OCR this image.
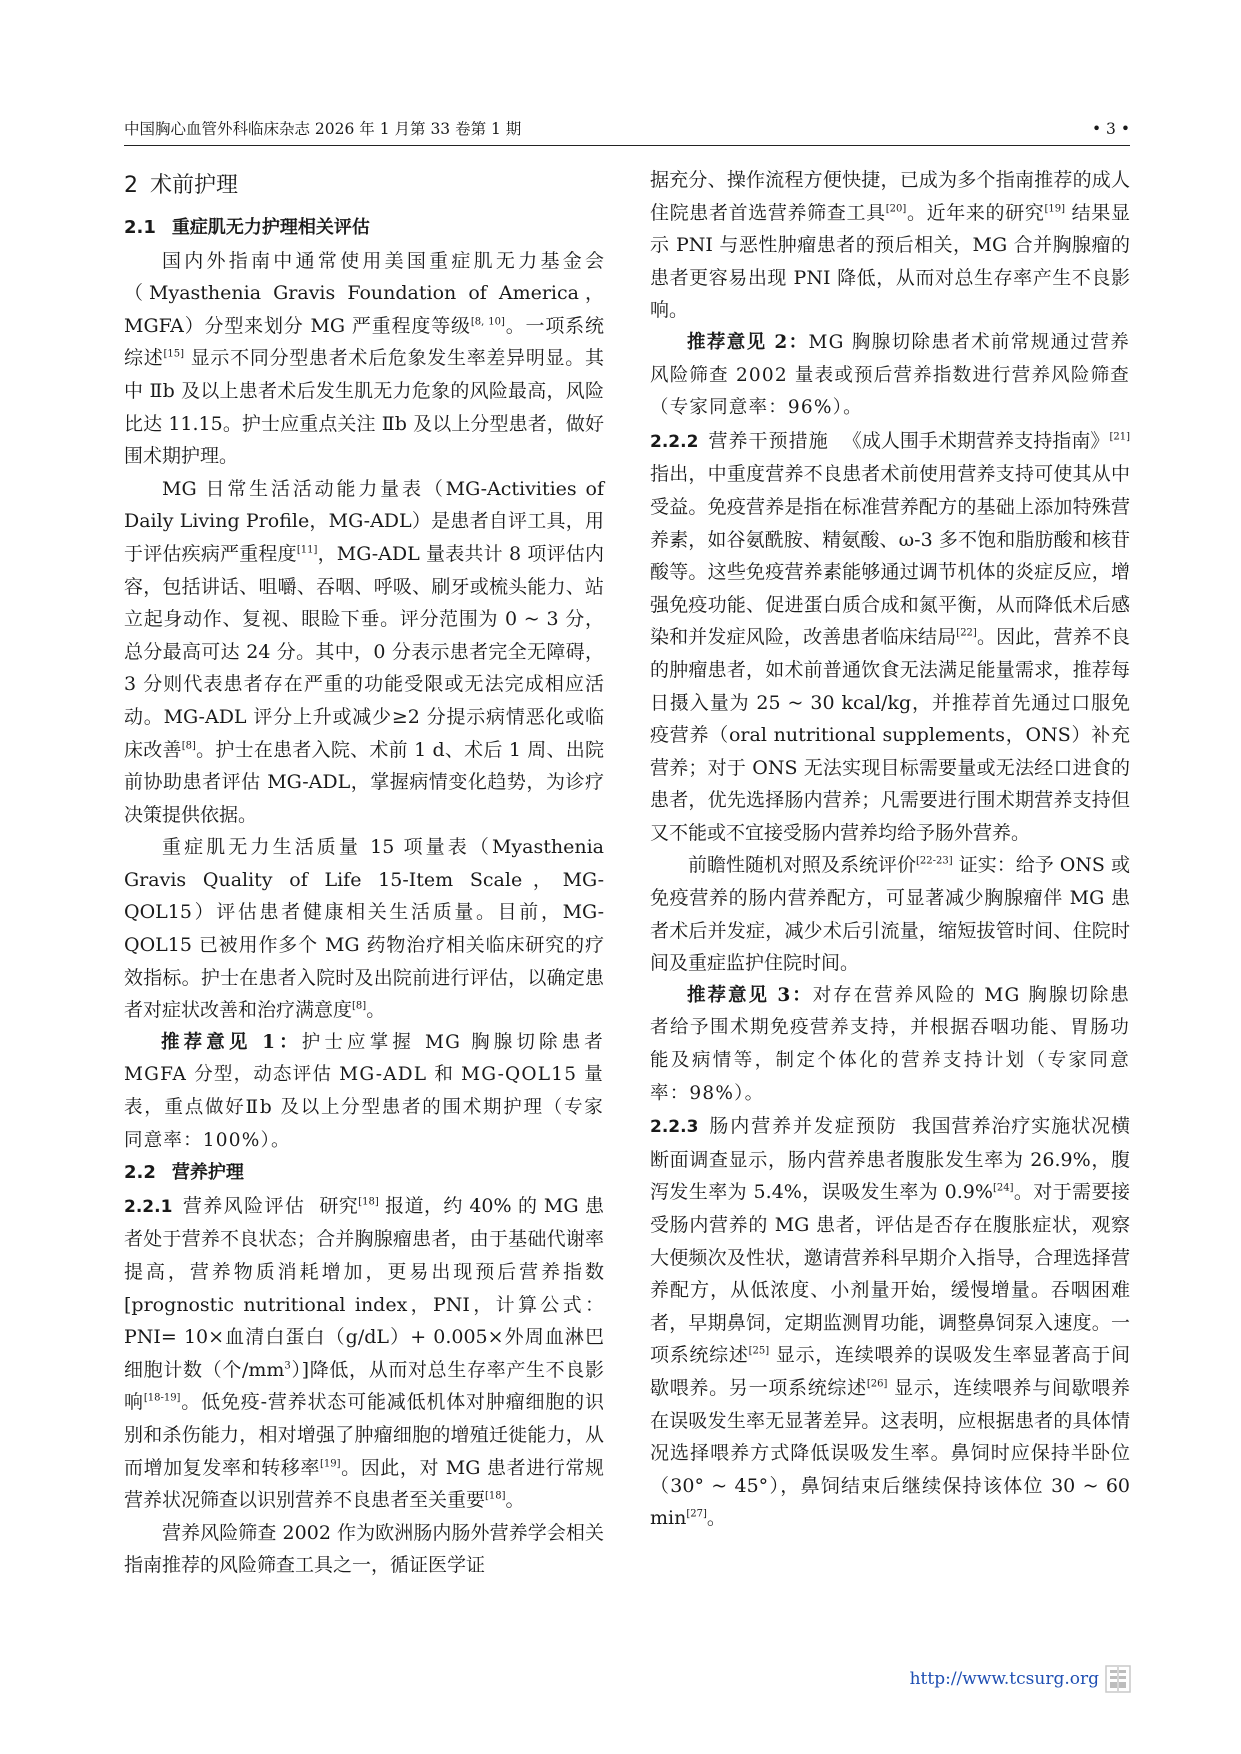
中国胸心血管外科临床杂志 2026 年 1 月第 33 卷第 1 期	• 3 •
2 术前护理
2.1 重症肌无力护理相关评估

国内外指南中通常使用美国重症肌无力基金会（Myasthenia Gravis Foundation of America，MGFA）分型来划分 MG 严重程度等级[8, 10]。一项系统综述[15] 显示不同分型患者术后危象发生率差异明显。其中 Ⅱb 及以上患者术后发生肌无力危象的风险最高，风险比达 11.15。护士应重点关注 Ⅱb 及以上分型患者，做好围术期护理。

MG 日常生活活动能力量表（MG-Activities of Daily Living Profile，MG-ADL）是患者自评工具，用于评估疾病严重程度[11]，MG-ADL 量表共计 8 项评估内容，包括讲话、咀嚼、吞咽、呼吸、刷牙或梳头能力、站立起身动作、复视、眼睑下垂。评分范围为 0 ~ 3 分，总分最高可达 24 分。其中，0 分表示患者完全无障碍，3 分则代表患者存在严重的功能受限或无法完成相应活动。MG-ADL 评分上升或减少≥2 分提示病情恶化或临床改善[8]。护士在患者入院、术前 1 d、术后 1 周、出院前协助患者评估 MG-ADL，掌握病情变化趋势，为诊疗决策提供依据。

重症肌无力生活质量 15 项量表（Myasthenia Gravis Quality of Life 15-Item Scale，MG-QOL15）评估患者健康相关生活质量。目前，MG-QOL15 已被用作多个 MG 药物治疗相关临床研究的疗效指标。护士在患者入院时及出院前进行评估，以确定患者对症状改善和治疗满意度[8]。

推荐意见 1：护士应掌握 MG 胸腺切除患者 MGFA 分型，动态评估 MG-ADL 和 MG-QOL15 量表，重点做好Ⅱb 及以上分型患者的围术期护理（专家同意率：100%）。

2.2 营养护理

2.2.1 营养风险评估 研究[18] 报道，约 40% 的 MG 患者处于营养不良状态；合并胸腺瘤患者，由于基础代谢率提高，营养物质消耗增加，更易出现预后营养指数[prognostic nutritional index，PNI，计算公式：PNI= 10×血清白蛋白（g/dL）+ 0.005×外周血淋巴细胞计数（个$/mm^3$）]降低，从而对总生存率产生不良影响[18-19]。低免疫-营养状态可能减低机体对肿瘤细胞的识别和杀伤能力，相对增强了肿瘤细胞的增殖迁徙能力，从而增加复发率和转移率[19]。因此，对 MG 患者进行常规营养状况筛查以识别营养不良患者至关重要[18]。

营养风险筛查 2002 作为欧洲肠内肠外营养学会相关指南推荐的风险筛查工具之一，循证医学证

据充分、操作流程方便快捷，已成为多个指南推荐的成人住院患者首选营养筛查工具[20]。近年来的研究[19] 结果显示 PNI 与恶性肿瘤患者的预后相关，MG 合并胸腺瘤的患者更容易出现 PNI 降低，从而对总生存率产生不良影响。

推荐意见 2：MG 胸腺切除患者术前常规通过营养风险筛查 2002 量表或预后营养指数进行营养风险筛查（专家同意率：96%）。

2.2.2 营养干预措施 《成人围手术期营养支持指南》[21] 指出，中重度营养不良患者术前使用营养支持可使其从中受益。免疫营养是指在标准营养配方的基础上添加特殊营养素，如谷氨酰胺、精氨酸、ω-3 多不饱和脂肪酸和核苷酸等。这些免疫营养素能够通过调节机体的炎症反应，增强免疫功能、促进蛋白质合成和氮平衡，从而降低术后感染和并发症风险，改善患者临床结局[22]。因此，营养不良的肿瘤患者，如术前普通饮食无法满足能量需求，推荐每日摄入量为 25 ~ 30 kcal/kg，并推荐首先通过口服免疫营养（oral nutritional supplements，ONS）补充营养；对于 ONS 无法实现目标需要量或无法经口进食的患者，优先选择肠内营养；凡需要进行围术期营养支持但又不能或不宜接受肠内营养均给予肠外营养。

前瞻性随机对照及系统评价[22-23] 证实：给予 ONS 或免疫营养的肠内营养配方，可显著减少胸腺瘤伴 MG 患者术后并发症，减少术后引流量，缩短拔管时间、住院时间及重症监护住院时间。

推荐意见 3：对存在营养风险的 MG 胸腺切除患者给予围术期免疫营养支持，并根据吞咽功能、胃肠功能及病情等，制定个体化的营养支持计划（专家同意率：98%）。

2.2.3 肠内营养并发症预防 我国营养治疗实施状况横断面调查显示，肠内营养患者腹胀发生率为 26.9%，腹泻发生率为 5.4%，误吸发生率为 0.9%[24]。对于需要接受肠内营养的 MG 患者，评估是否存在腹胀症状，观察大便频次及性状，邀请营养科早期介入指导，合理选择营养配方，从低浓度、小剂量开始，缓慢增量。吞咽困难者，早期鼻饲，定期监测胃功能，调整鼻饲泵入速度。一项系统综述[25] 显示，连续喂养的误吸发生率显著高于间歇喂养。另一项系统综述[26] 显示，连续喂养与间歇喂养在误吸发生率无显著差异。这表明，应根据患者的具体情况选择喂养方式降低误吸发生率。鼻饲时应保持半卧位（30° ~ 45°），鼻饲结束后继续保持该体位 30 ~ 60 min[27]。

http://www.tcsurg.org
